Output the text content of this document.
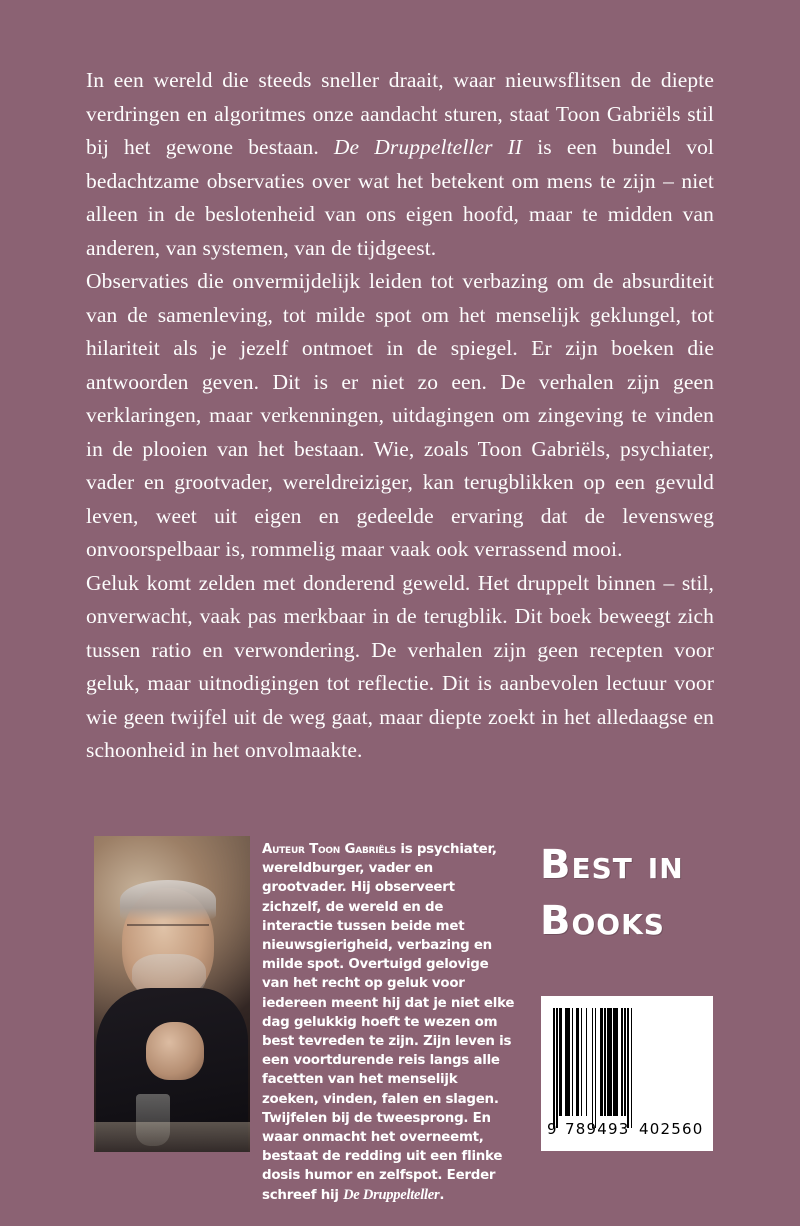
In een wereld die steeds sneller draait, waar nieuwsflitsen de diepte verdringen en algoritmes onze aandacht sturen, staat Toon Gabriëls stil bij het gewone bestaan. De Druppelteller II is een bundel vol bedachtzame observaties over wat het betekent om mens te zijn – niet alleen in de beslotenheid van ons eigen hoofd, maar te midden van anderen, van systemen, van de tijdgeest.

Observaties die onvermijdelijk leiden tot verbazing om de absurditeit van de samenleving, tot milde spot om het menselijk geklungel, tot hilariteit als je jezelf ontmoet in de spiegel. Er zijn boeken die antwoorden geven. Dit is er niet zo een. De verhalen zijn geen verklaringen, maar verkenningen, uitdagingen om zingeving te vinden in de plooien van het bestaan. Wie, zoals Toon Gabriëls, psychiater, vader en grootvader, wereldreiziger, kan terugblikken op een gevuld leven, weet uit eigen en gedeelde ervaring dat de levensweg onvoorspelbaar is, rommelig maar vaak ook verrassend mooi.

Geluk komt zelden met donderend geweld. Het druppelt binnen – stil, onverwacht, vaak pas merkbaar in de terugblik. Dit boek beweegt zich tussen ratio en verwondering. De verhalen zijn geen recepten voor geluk, maar uitnodigingen tot reflectie. Dit is aanbevolen lectuur voor wie geen twijfel uit de weg gaat, maar diepte zoekt in het alledaagse en schoonheid in het onvolmaakte.

Auteur Toon Gabriëls is psychiater, wereldburger, vader en grootvader. Hij observeert zichzelf, de wereld en de interactie tussen beide met nieuwsgierigheid, verbazing en milde spot. Overtuigd gelovige van het recht op geluk voor iedereen meent hij dat je niet elke dag gelukkig hoeft te wezen om best tevreden te zijn. Zijn leven is een voortdurende reis langs alle facetten van het menselijk zoeken, vinden, falen en slagen. Twijfelen bij de tweesprong. En waar onmacht het overneemt, bestaat de redding uit een flinke dosis humor en zelfspot. Eerder schreef hij De Druppelteller.
Best in
Books
9 789493 402560
